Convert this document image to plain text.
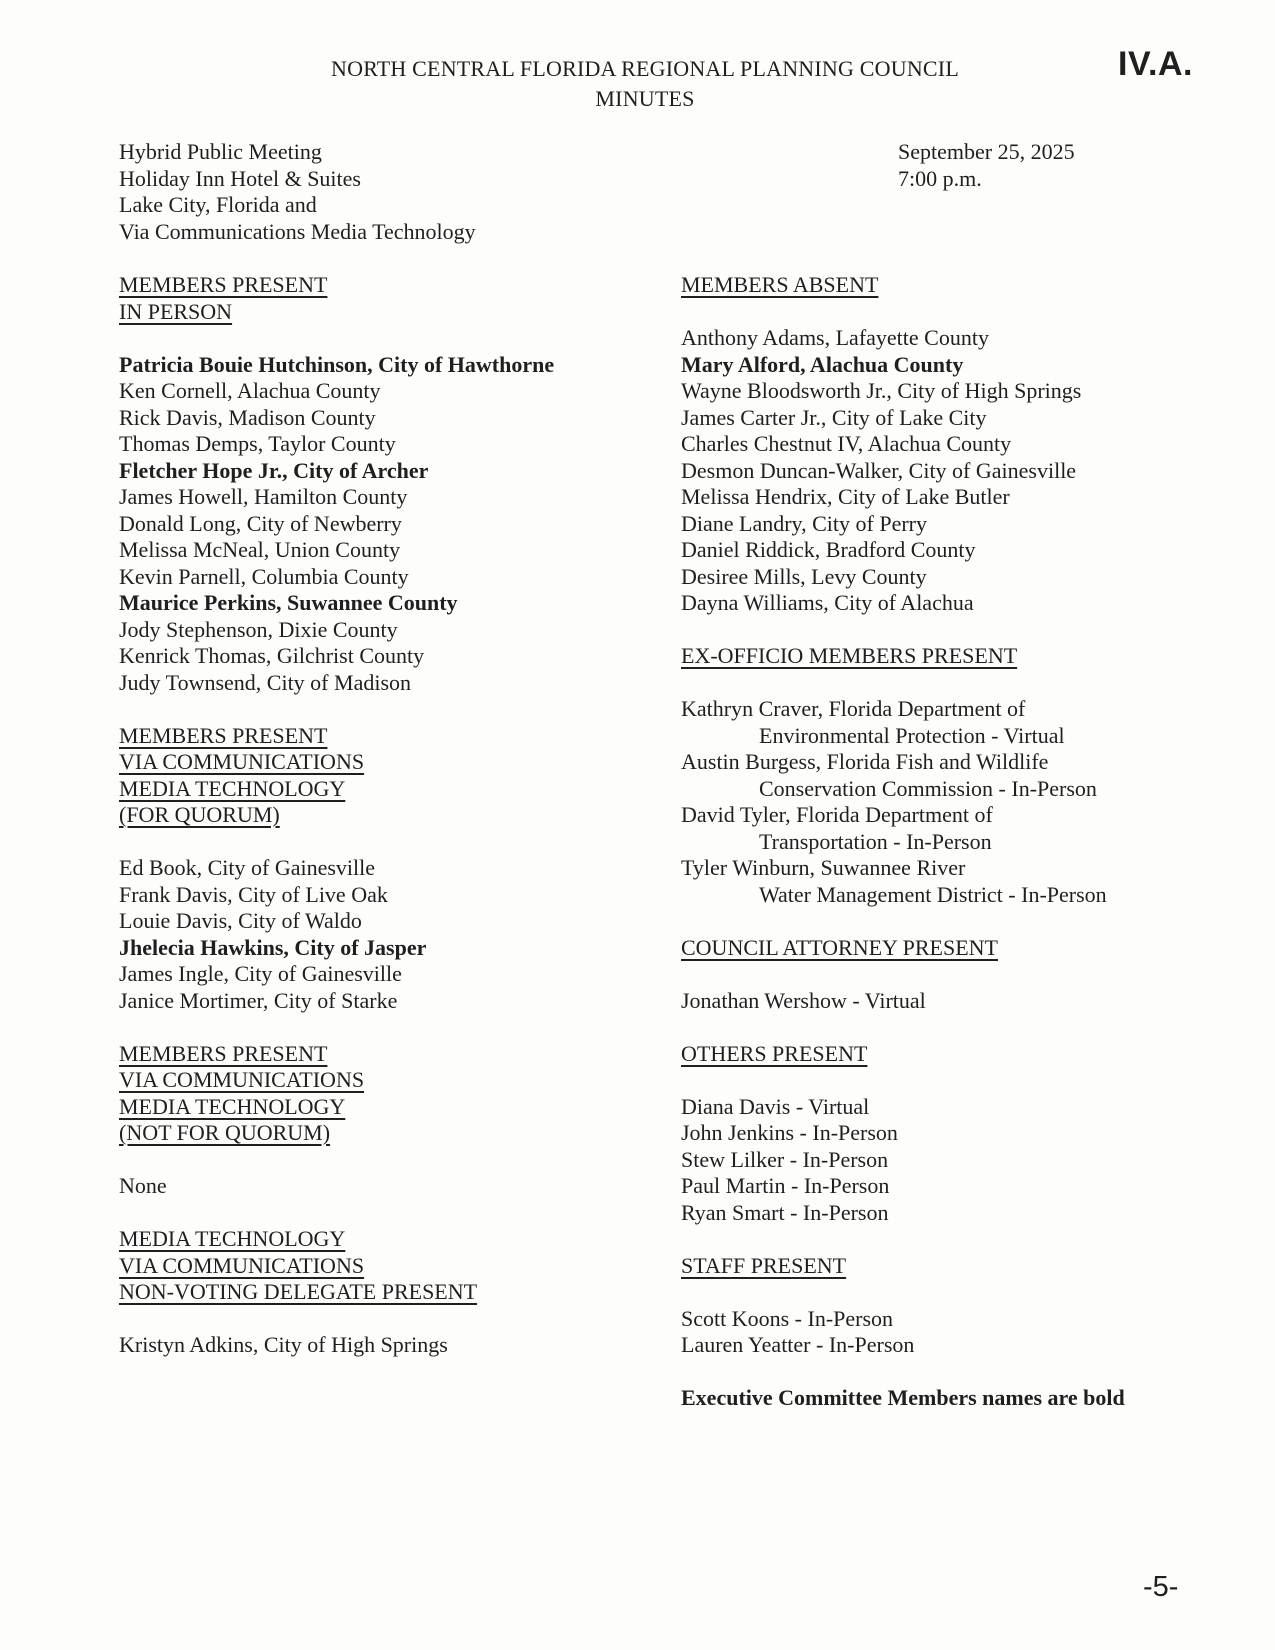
NORTH CENTRAL FLORIDA REGIONAL PLANNING COUNCIL
MINUTES
IV.A.
Hybrid Public Meeting
Holiday Inn Hotel & Suites
Lake City, Florida and
Via Communications Media Technology
September 25, 2025
7:00 p.m.
MEMBERS PRESENT
IN PERSON
Patricia Bouie Hutchinson, City of Hawthorne
Ken Cornell, Alachua County
Rick Davis, Madison County
Thomas Demps, Taylor County
Fletcher Hope Jr., City of Archer
James Howell, Hamilton County
Donald Long, City of Newberry
Melissa McNeal, Union County
Kevin Parnell, Columbia County
Maurice Perkins, Suwannee County
Jody Stephenson, Dixie County
Kenrick Thomas, Gilchrist County
Judy Townsend, City of Madison
MEMBERS PRESENT
VIA COMMUNICATIONS
MEDIA TECHNOLOGY
(FOR QUORUM)
Ed Book, City of Gainesville
Frank Davis, City of Live Oak
Louie Davis, City of Waldo
Jhelecia Hawkins, City of Jasper
James Ingle, City of Gainesville
Janice Mortimer, City of Starke
MEMBERS PRESENT
VIA COMMUNICATIONS
MEDIA TECHNOLOGY
(NOT FOR QUORUM)
None
MEDIA TECHNOLOGY
VIA COMMUNICATIONS
NON-VOTING DELEGATE PRESENT
Kristyn Adkins, City of High Springs
MEMBERS ABSENT
Anthony Adams, Lafayette County
Mary Alford, Alachua County
Wayne Bloodsworth Jr., City of High Springs
James Carter Jr., City of Lake City
Charles Chestnut IV, Alachua County
Desmon Duncan-Walker, City of Gainesville
Melissa Hendrix, City of Lake Butler
Diane Landry, City of Perry
Daniel Riddick, Bradford County
Desiree Mills, Levy County
Dayna Williams, City of Alachua
EX-OFFICIO MEMBERS PRESENT
Kathryn Craver, Florida Department of
Environmental Protection - Virtual
Austin Burgess, Florida Fish and Wildlife
Conservation Commission - In-Person
David Tyler, Florida Department of
Transportation - In-Person
Tyler Winburn, Suwannee River
Water Management District - In-Person
COUNCIL ATTORNEY PRESENT
Jonathan Wershow - Virtual
OTHERS PRESENT
Diana Davis - Virtual
John Jenkins - In-Person
Stew Lilker - In-Person
Paul Martin - In-Person
Ryan Smart - In-Person
STAFF PRESENT
Scott Koons - In-Person
Lauren Yeatter - In-Person
Executive Committee Members names are bold
-5-
